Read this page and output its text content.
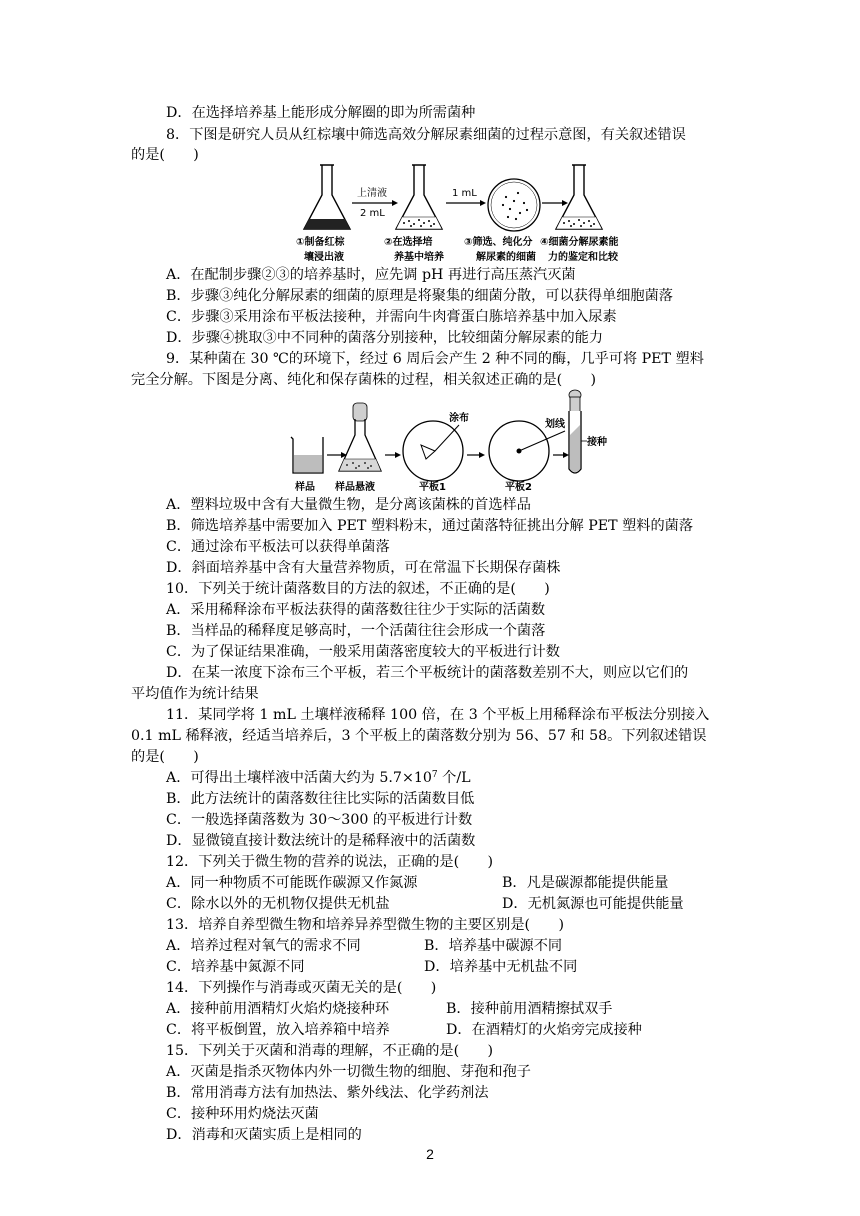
D．在选择培养基上能形成分解圈的即为所需菌种
8．下图是研究人员从红棕壤中筛选高效分解尿素细菌的过程示意图，有关叙述错误
的是(　　)
上清液
2 mL
1 mL
①制备红棕
壤浸出液
②在选择培
养基中培养
③筛选、纯化分
解尿素的细菌
④细菌分解尿素能
力的鉴定和比较
A．在配制步骤②③的培养基时，应先调 pH 再进行高压蒸汽灭菌
B．步骤③纯化分解尿素的细菌的原理是将聚集的细菌分散，可以获得单细胞菌落
C．步骤③采用涂布平板法接种，并需向牛肉膏蛋白胨培养基中加入尿素
D．步骤④挑取③中不同种的菌落分别接种，比较细菌分解尿素的能力
9．某种菌在 30 ℃的环境下，经过 6 周后会产生 2 种不同的酶，几乎可将 PET 塑料
完全分解。下图是分离、纯化和保存菌株的过程，相关叙述正确的是(　　)
样品 样品悬液
涂布
平板1
划线
平板2
接种
A．塑料垃圾中含有大量微生物，是分离该菌株的首选样品
B．筛选培养基中需要加入 PET 塑料粉末，通过菌落特征挑出分解 PET 塑料的菌落
C．通过涂布平板法可以获得单菌落
D．斜面培养基中含有大量营养物质，可在常温下长期保存菌株
10．下列关于统计菌落数目的方法的叙述，不正确的是(　　)
A．采用稀释涂布平板法获得的菌落数往往少于实际的活菌数
B．当样品的稀释度足够高时，一个活菌往往会形成一个菌落
C．为了保证结果准确，一般采用菌落密度较大的平板进行计数
D．在某一浓度下涂布三个平板，若三个平板统计的菌落数差别不大，则应以它们的
平均值作为统计结果
11．某同学将 1 mL 土壤样液稀释 100 倍，在 3 个平板上用稀释涂布平板法分别接入
0.1 mL 稀释液，经适当培养后，3 个平板上的菌落数分别为 56、57 和 58。下列叙述错误
的是(　　)
A．可得出土壤样液中活菌大约为 $5.7\times 10^7$ 个/L
B．此方法统计的菌落数往往比实际的活菌数目低
C．一般选择菌落数为 30～300 的平板进行计数
D．显微镜直接计数法统计的是稀释液中的活菌数
12．下列关于微生物的营养的说法，正确的是(　　)
A．同一种物质不可能既作碳源又作氮源	B．凡是碳源都能提供能量
C．除水以外的无机物仅提供无机盐	D．无机氮源也可能提供能量
13．培养自养型微生物和培养异养型微生物的主要区别是(　　)
A．培养过程对氧气的需求不同	B．培养基中碳源不同
C．培养基中氮源不同	D．培养基中无机盐不同
14．下列操作与消毒或灭菌无关的是(　　)
A．接种前用酒精灯火焰灼烧接种环	B．接种前用酒精擦拭双手
C．将平板倒置，放入培养箱中培养	D．在酒精灯的火焰旁完成接种
15．下列关于灭菌和消毒的理解，不正确的是(　　)
A．灭菌是指杀灭物体内外一切微生物的细胞、芽孢和孢子
B．常用消毒方法有加热法、紫外线法、化学药剂法
C．接种环用灼烧法灭菌
D．消毒和灭菌实质上是相同的
2
